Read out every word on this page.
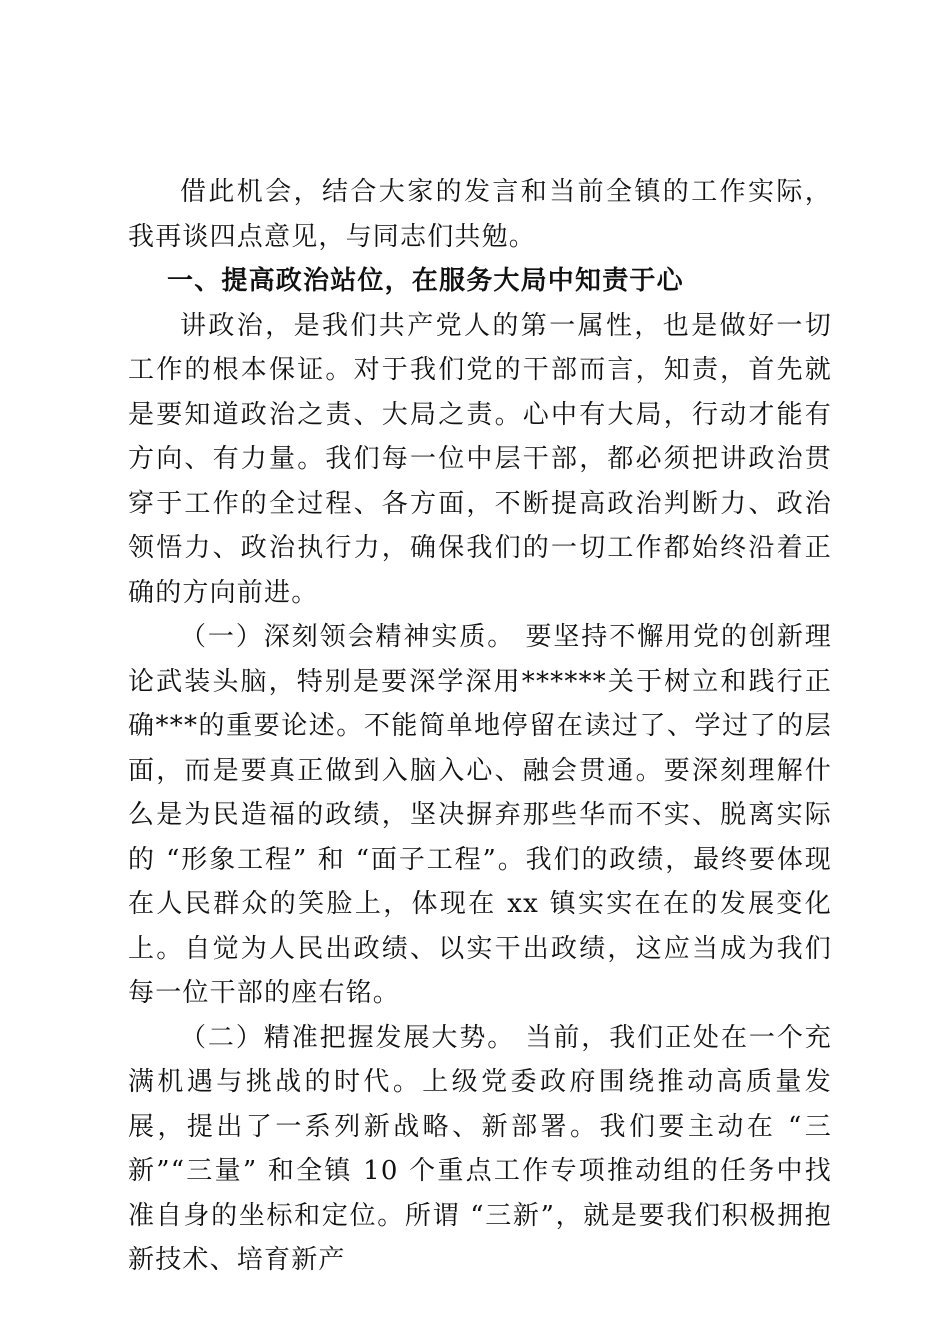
借此机会，结合大家的发言和当前全镇的工作实际，我再谈四点意见，与同志们共勉。

一、提高政治站位，在服务大局中知责于心

讲政治，是我们共产党人的第一属性，也是做好一切工作的根本保证。对于我们党的干部而言，知责，首先就是要知道政治之责、大局之责。心中有大局，行动才能有方向、有力量。我们每一位中层干部，都必须把讲政治贯穿于工作的全过程、各方面，不断提高政治判断力、政治领悟力、政治执行力，确保我们的一切工作都始终沿着正确的方向前进。

（一）深刻领会精神实质。 要坚持不懈用党的创新理论武装头脑，特别是要深学深用******关于树立和践行正确***的重要论述。不能简单地停留在读过了、学过了的层面，而是要真正做到入脑入心、融会贯通。要深刻理解什么是为民造福的政绩，坚决摒弃那些华而不实、脱离实际的 “形象工程” 和 “面子工程”。我们的政绩，最终要体现在人民群众的笑脸上，体现在 xx 镇实实在在的发展变化上。自觉为人民出政绩、以实干出政绩，这应当成为我们每一位干部的座右铭。

（二）精准把握发展大势。 当前，我们正处在一个充满机遇与挑战的时代。上级党委政府围绕推动高质量发展，提出了一系列新战略、新部署。我们要主动在 “三新”“三量” 和全镇 10 个重点工作专项推动组的任务中找准自身的坐标和定位。所谓 “三新”，就是要我们积极拥抱新技术、培育新产
